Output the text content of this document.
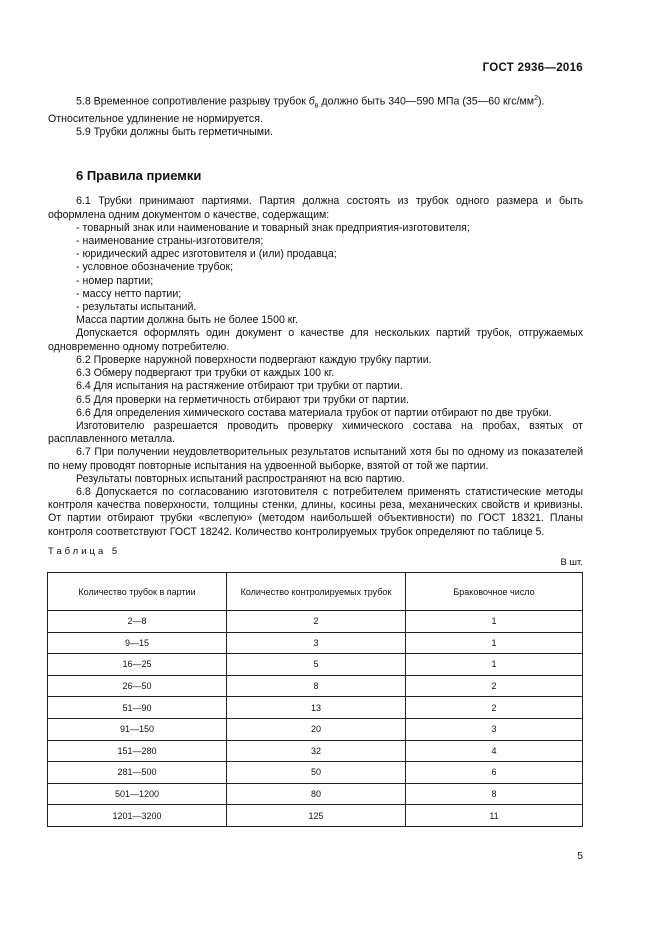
ГОСТ 2936—2016

5.8 Временное сопротивление разрыву трубок $б_в$ должно быть 340—590 МПа (35—60 кгс/$мм^2$).

Относительное удлинение не нормируется.

5.9 Трубки должны быть герметичными.

6 Правила приемки

6.1 Трубки принимают партиями. Партия должна состоять из трубок одного размера и быть оформлена одним документом о качестве, содержащим:

- товарный знак или наименование и товарный знак предприятия-изготовителя;

- наименование страны-изготовителя;

- юридический адрес изготовителя и (или) продавца;

- условное обозначение трубок;

- номер партии;

- массу нетто партии;

- результаты испытаний.

Масса партии должна быть не более 1500 кг.

Допускается оформлять один документ о качестве для нескольких партий трубок, отгружаемых одновременно одному потребителю.

6.2 Проверке наружной поверхности подвергают каждую трубку партии.

6.3 Обмеру подвергают три трубки от каждых 100 кг.

6.4 Для испытания на растяжение отбирают три трубки от партии.

6.5 Для проверки на герметичность отбирают три трубки от партии.

6.6 Для определения химического состава материала трубок от партии отбирают по две трубки.

Изготовителю разрешается проводить проверку химического состава на пробах, взятых от расплавленного металла.

6.7 При получении неудовлетворительных результатов испытаний хотя бы по одному из показателей по нему проводят повторные испытания на удвоенной выборке, взятой от той же партии.

Результаты повторных испытаний распространяют на всю партию.

6.8 Допускается по согласованию изготовителя с потребителем применять статистические методы контроля качества поверхности, толщины стенки, длины, косины реза, механических свойств и кривизны. От партии отбирают трубки «вслепую» (методом наибольшей объективности) по ГОСТ 18321. Планы контроля соответствуют ГОСТ 18242. Количество контролируемых трубок определяют по таблице 5.

Таблица 5
В шт.
Количество трубок в партии	Количество контролируемых трубок	Браковочное число
2—8	2	1
9—15	3	1
16—25	5	1
26—50	8	2
51—90	13	2
91—150	20	3
151—280	32	4
281—500	50	6
501—1200	80	8
1201—3200	125	11
5
